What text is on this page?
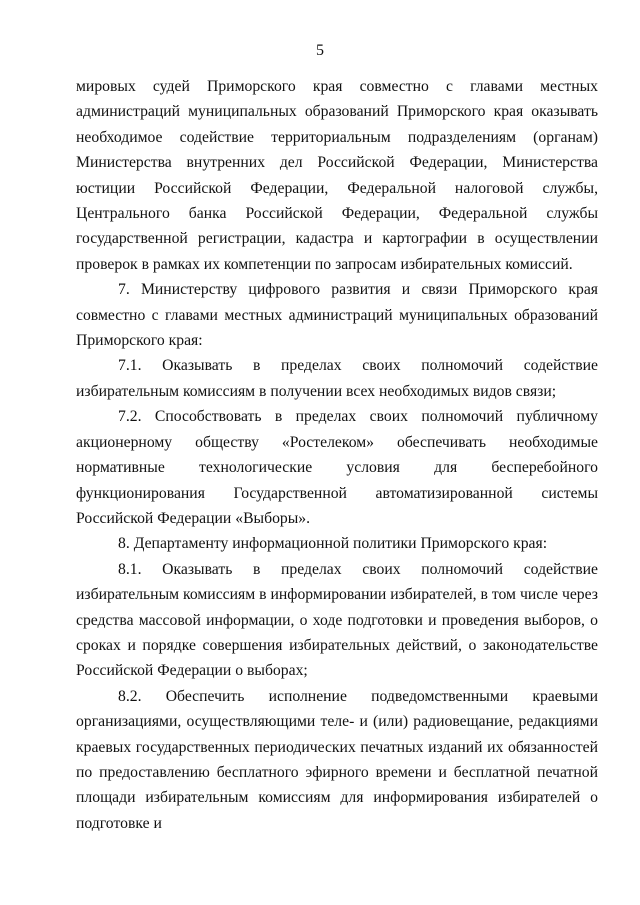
5

мировых судей Приморского края совместно с главами местных администраций муниципальных образований Приморского края оказывать необходимое содействие территориальным подразделениям (органам) Министерства внутренних дел Российской Федерации, Министерства юстиции Российской Федерации, Федеральной налоговой службы, Центрального банка Российской Федерации, Федеральной службы государственной регистрации, кадастра и картографии в осуществлении проверок в рамках их компетенции по запросам избирательных комиссий.

7. Министерству цифрового развития и связи Приморского края совместно с главами местных администраций муниципальных образований Приморского края:

7.1. Оказывать в пределах своих полномочий содействие избирательным комиссиям в получении всех необходимых видов связи;

7.2. Способствовать в пределах своих полномочий публичному акционерному обществу «Ростелеком» обеспечивать необходимые нормативные технологические условия для бесперебойного функционирования Государственной автоматизированной системы Российской Федерации «Выборы».

8. Департаменту информационной политики Приморского края:

8.1. Оказывать в пределах своих полномочий содействие избирательным комиссиям в информировании избирателей, в том числе через средства массовой информации, о ходе подготовки и проведения выборов, о сроках и порядке совершения избирательных действий, о законодательстве Российской Федерации о выборах;

8.2. Обеспечить исполнение подведомственными краевыми организациями, осуществляющими теле- и (или) радиовещание, редакциями краевых государственных периодических печатных изданий их обязанностей по предоставлению бесплатного эфирного времени и бесплатной печатной площади избирательным комиссиям для информирования избирателей о подготовке и
